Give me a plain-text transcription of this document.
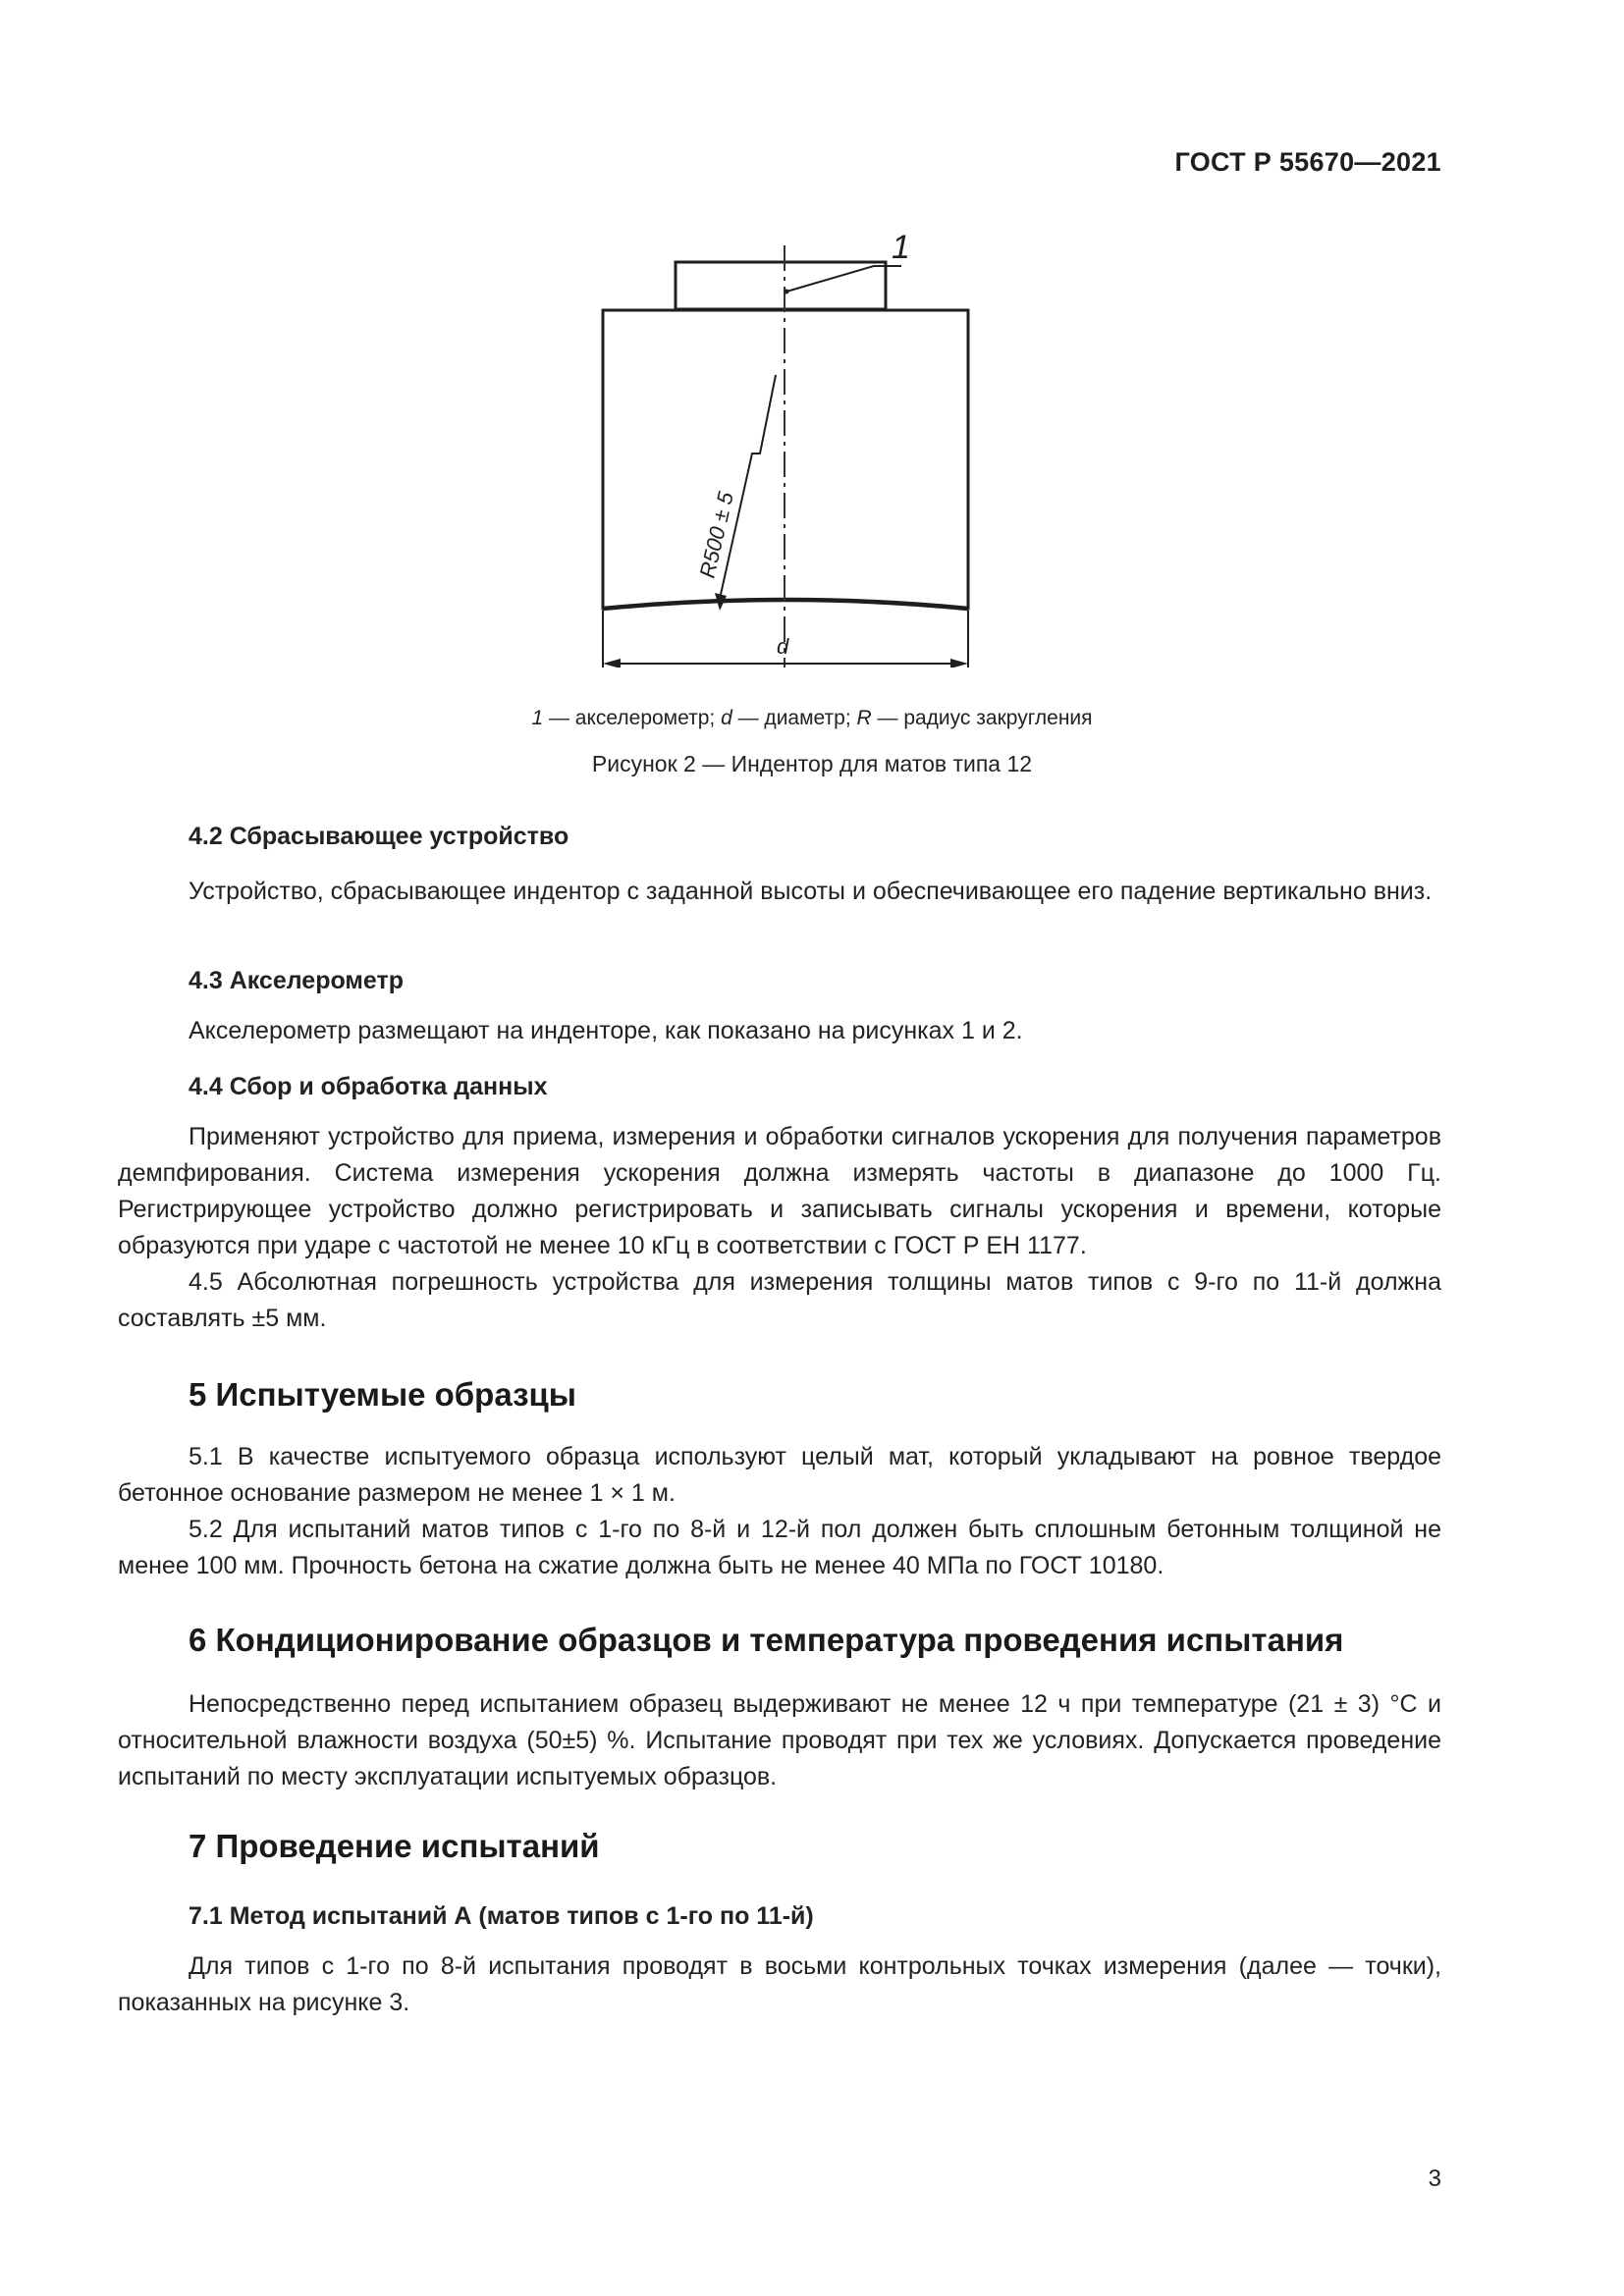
ГОСТ Р 55670—2021
1
R500 ± 5
d
1 — акселерометр; d — диаметр; R — радиус закругления
Рисунок 2 — Индентор для матов типа 12
4.2 Сбрасывающее устройство

Устройство, сбрасывающее индентор с заданной высоты и обеспечивающее его падение вертикально вниз.

4.3 Акселерометр

Акселерометр размещают на инденторе, как показано на рисунках 1 и 2.

4.4 Сбор и обработка данных

Применяют устройство для приема, измерения и обработки сигналов ускорения для получения параметров демпфирования. Система измерения ускорения должна измерять частоты в диапазоне до 1000 Гц. Регистрирующее устройство должно регистрировать и записывать сигналы ускорения и времени, которые образуются при ударе с частотой не менее 10 кГц в соответствии с ГОСТ Р ЕН 1177.

4.5 Абсолютная погрешность устройства для измерения толщины матов типов с 9-го по 11-й должна составлять ±5 мм.

5 Испытуемые образцы

5.1 В качестве испытуемого образца используют целый мат, который укладывают на ровное твердое бетонное основание размером не менее 1 × 1 м.

5.2 Для испытаний матов типов с 1-го по 8-й и 12-й пол должен быть сплошным бетонным толщиной не менее 100 мм. Прочность бетона на сжатие должна быть не менее 40 МПа по ГОСТ 10180.

6 Кондиционирование образцов и температура проведения испытания

Непосредственно перед испытанием образец выдерживают не менее 12 ч при температуре (21 ± 3) °C и относительной влажности воздуха (50±5) %. Испытание проводят при тех же условиях. Допускается проведение испытаний по месту эксплуатации испытуемых образцов.

7 Проведение испытаний
7.1 Метод испытаний А (матов типов с 1-го по 11-й)

Для типов с 1-го по 8-й испытания проводят в восьми контрольных точках измерения (далее — точки), показанных на рисунке 3.

3
